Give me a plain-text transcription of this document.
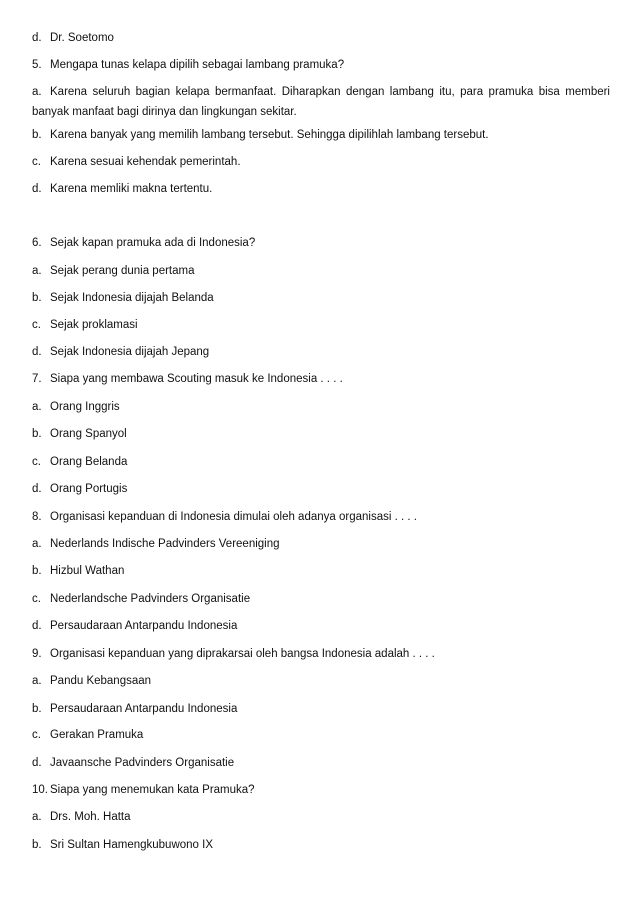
d. Dr. Soetomo
5. Mengapa tunas kelapa dipilih sebagai lambang pramuka?
a. Karena seluruh bagian kelapa bermanfaat. Diharapkan dengan lambang itu, para pramuka bisa memberi banyak manfaat bagi dirinya dan lingkungan sekitar.
b. Karena banyak yang memilih lambang tersebut. Sehingga dipilihlah lambang tersebut.
c. Karena sesuai kehendak pemerintah.
d. Karena memliki makna tertentu.
6. Sejak kapan pramuka ada di Indonesia?
a. Sejak perang dunia pertama
b. Sejak Indonesia dijajah Belanda
c. Sejak proklamasi
d. Sejak Indonesia dijajah Jepang
7. Siapa yang membawa Scouting masuk ke Indonesia . . . .
a. Orang Inggris
b. Orang Spanyol
c. Orang Belanda
d. Orang Portugis
8. Organisasi kepanduan di Indonesia dimulai oleh adanya organisasi . . . .
a. Nederlands Indische Padvinders Vereeniging
b. Hizbul Wathan
c. Nederlandsche Padvinders Organisatie
d. Persaudaraan Antarpandu Indonesia
9. Organisasi kepanduan yang diprakarsai oleh bangsa Indonesia adalah . . . .
a. Pandu Kebangsaan
b. Persaudaraan Antarpandu Indonesia
c. Gerakan Pramuka
d. Javaansche Padvinders Organisatie
10. Siapa yang menemukan kata Pramuka?
a. Drs. Moh. Hatta
b. Sri Sultan Hamengkubuwono IX
